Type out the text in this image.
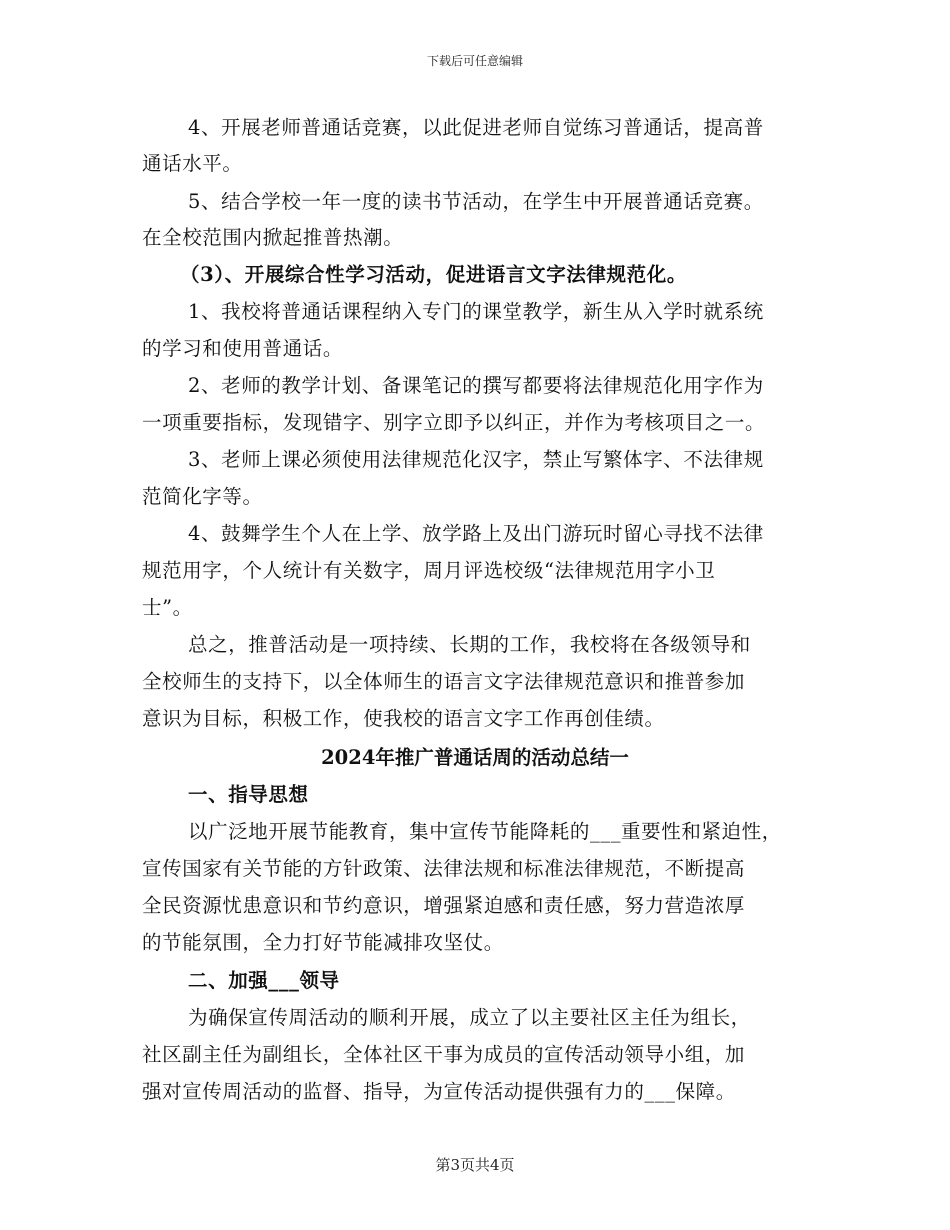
下载后可任意编辑
4、开展老师普通话竞赛，以此促进老师自觉练习普通话，提高普
通话水平。
5、结合学校一年一度的读书节活动，在学生中开展普通话竞赛。
在全校范围内掀起推普热潮。
（3）、开展综合性学习活动，促进语言文字法律规范化。
1、我校将普通话课程纳入专门的课堂教学，新生从入学时就系统
的学习和使用普通话。
2、老师的教学计划、备课笔记的撰写都要将法律规范化用字作为
一项重要指标，发现错字、别字立即予以纠正，并作为考核项目之一。
3、老师上课必须使用法律规范化汉字，禁止写繁体字、不法律规
范简化字等。
4、鼓舞学生个人在上学、放学路上及出门游玩时留心寻找不法律
规范用字，个人统计有关数字，周月评选校级“法律规范用字小卫
士”。
总之，推普活动是一项持续、长期的工作，我校将在各级领导和
全校师生的支持下，以全体师生的语言文字法律规范意识和推普参加
意识为目标，积极工作，使我校的语言文字工作再创佳绩。
2024年推广普通话周的活动总结一
一、指导思想
以广泛地开展节能教育，集中宣传节能降耗的___重要性和紧迫性，
宣传国家有关节能的方针政策、法律法规和标准法律规范，不断提高
全民资源忧患意识和节约意识，增强紧迫感和责任感，努力营造浓厚
的节能氛围，全力打好节能减排攻坚仗。
二、加强___领导
为确保宣传周活动的顺利开展，成立了以主要社区主任为组长，
社区副主任为副组长，全体社区干事为成员的宣传活动领导小组，加
强对宣传周活动的监督、指导，为宣传活动提供强有力的___保障。
第3页共4页
